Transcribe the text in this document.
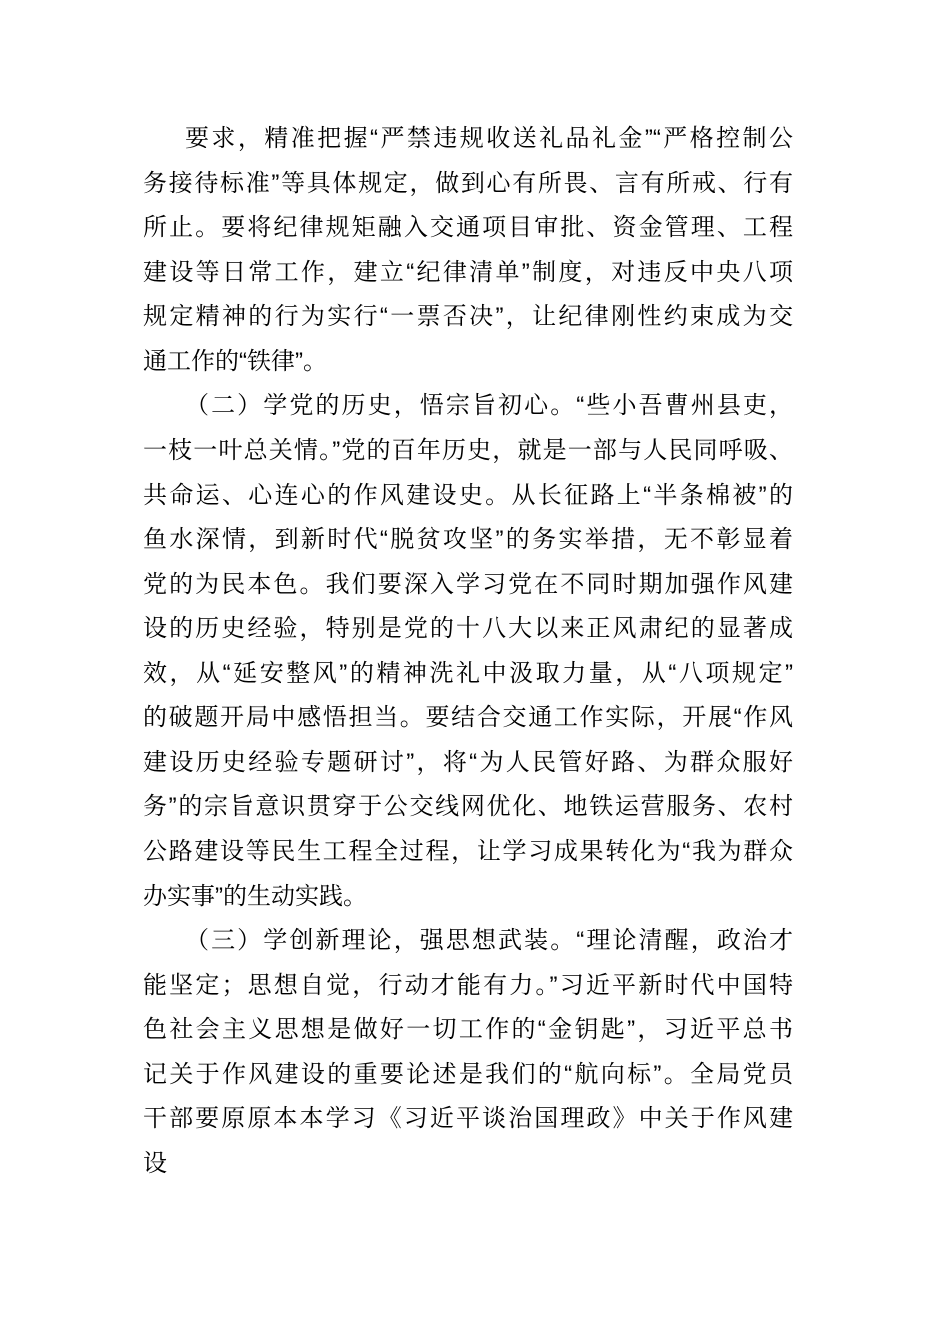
要求，精准把握“严禁违规收送礼品礼金”“严格控制公
务接待标准”等具体规定，做到心有所畏、言有所戒、行有
所止。要将纪律规矩融入交通项目审批、资金管理、工程
建设等日常工作，建立“纪律清单”制度，对违反中央八项
规定精神的行为实行“一票否决”，让纪律刚性约束成为交
通工作的“铁律”。
（二）学党的历史，悟宗旨初心。“些小吾曹州县吏，
一枝一叶总关情。”党的百年历史，就是一部与人民同呼吸、
共命运、心连心的作风建设史。从长征路上“半条棉被”的
鱼水深情，到新时代“脱贫攻坚”的务实举措，无不彰显着
党的为民本色。我们要深入学习党在不同时期加强作风建
设的历史经验，特别是党的十八大以来正风肃纪的显著成
效，从“延安整风”的精神洗礼中汲取力量，从“八项规定”
的破题开局中感悟担当。要结合交通工作实际，开展“作风
建设历史经验专题研讨”，将“为人民管好路、为群众服好
务”的宗旨意识贯穿于公交线网优化、地铁运营服务、农村
公路建设等民生工程全过程，让学习成果转化为“我为群众
办实事”的生动实践。
（三）学创新理论，强思想武装。“理论清醒，政治才
能坚定；思想自觉，行动才能有力。”习近平新时代中国特
色社会主义思想是做好一切工作的“金钥匙”，习近平总书
记关于作风建设的重要论述是我们的“航向标”。全局党员
干部要原原本本学习《习近平谈治国理政》中关于作风建
设
